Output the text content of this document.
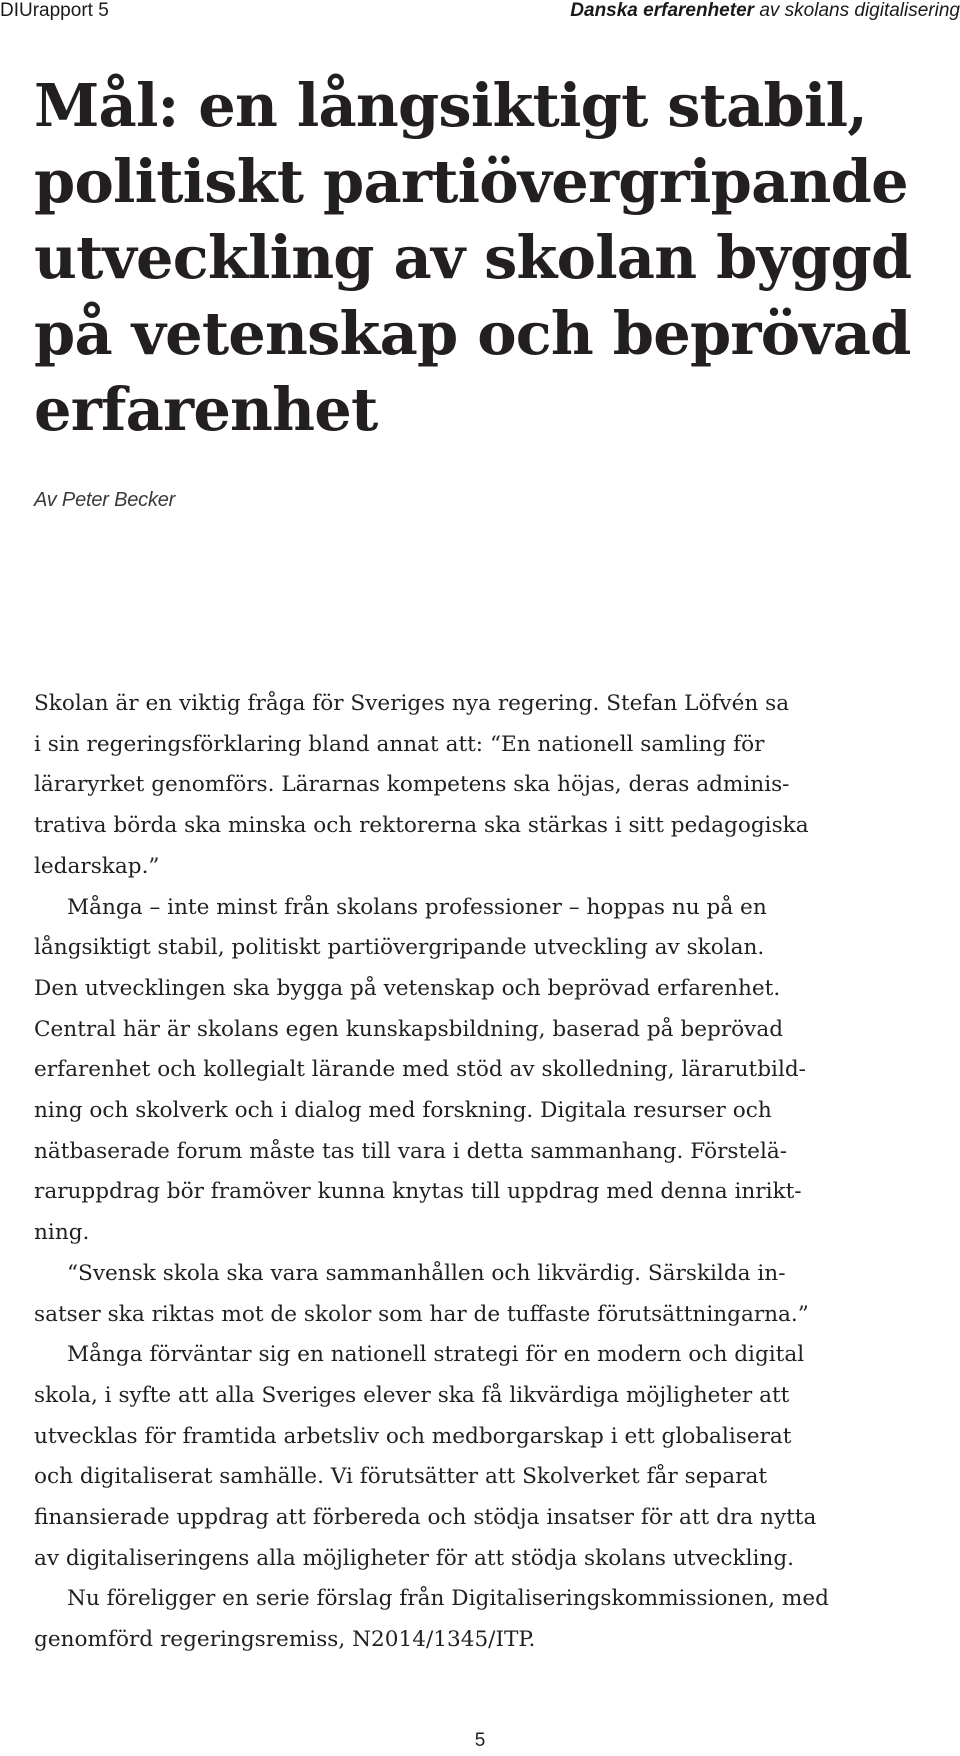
DIUrapport 5	Danska erfarenheter av skolans digitalisering
Mål: en långsiktigt stabil,
politiskt partiövergripande
utveckling av skolan byggd
på vetenskap och beprövad
erfarenhet
Av Peter Becker
Skolan är en viktig fråga för Sveriges nya regering. Stefan Löfvén sa
i sin regeringsförklaring bland annat att: “En nationell samling för
läraryrket genomförs. Lärarnas kompetens ska höjas, deras adminis-
trativa börda ska minska och rektorerna ska stärkas i sitt pedagogiska
ledarskap.”
Många – inte minst från skolans professioner – hoppas nu på en
långsiktigt stabil, politiskt partiövergripande utveckling av skolan.
Den utvecklingen ska bygga på vetenskap och beprövad erfarenhet.
Central här är skolans egen kunskapsbildning, baserad på beprövad
erfarenhet och kollegialt lärande med stöd av skolledning, lärarutbild-
ning och skolverk och i dialog med forskning. Digitala resurser och
nätbaserade forum måste tas till vara i detta sammanhang. Förstelä-
raruppdrag bör framöver kunna knytas till uppdrag med denna inrikt-
ning.
“Svensk skola ska vara sammanhållen och likvärdig. Särskilda in-
satser ska riktas mot de skolor som har de tuffaste förutsättningarna.”
Många förväntar sig en nationell strategi för en modern och digital
skola, i syfte att alla Sveriges elever ska få likvärdiga möjligheter att
utvecklas för framtida arbetsliv och medborgarskap i ett globaliserat
och digitaliserat samhälle. Vi förutsätter att Skolverket får separat
finansierade uppdrag att förbereda och stödja insatser för att dra nytta
av digitaliseringens alla möjligheter för att stödja skolans utveckling.
Nu föreligger en serie förslag från Digitaliseringskommissionen, med
genomförd regeringsremiss, N2014/1345/ITP.
5
